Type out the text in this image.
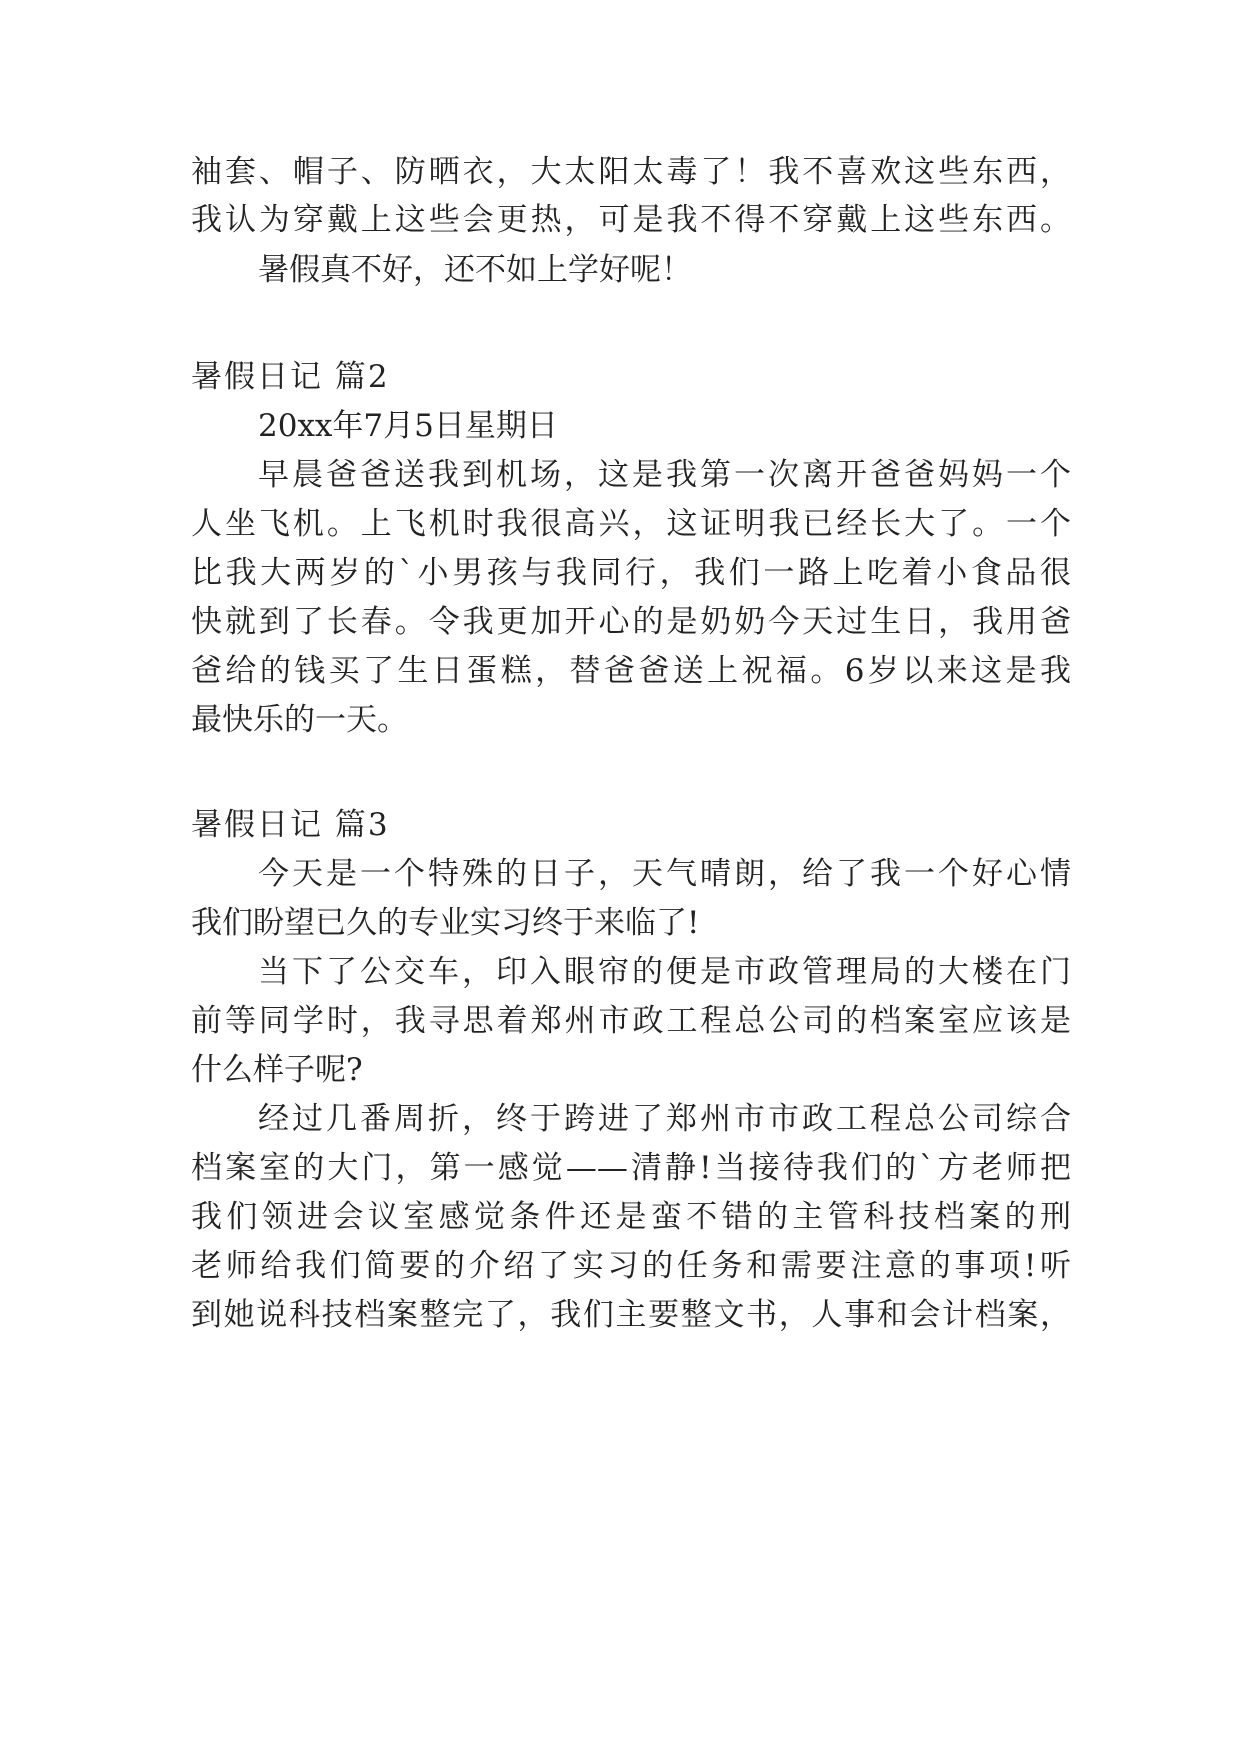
袖套、帽子、防晒衣，大太阳太毒了！我不喜欢这些东西，
我认为穿戴上这些会更热，可是我不得不穿戴上这些东西。
暑假真不好，还不如上学好呢！
暑假日记 篇2
20xx年7月5日星期日
早晨爸爸送我到机场，这是我第一次离开爸爸妈妈一个
人坐飞机。上飞机时我很高兴，这证明我已经长大了。一个
比我大两岁的`小男孩与我同行，我们一路上吃着小食品很
快就到了长春。令我更加开心的是奶奶今天过生日，我用爸
爸给的钱买了生日蛋糕，替爸爸送上祝福。6岁以来这是我
最快乐的一天。
暑假日记 篇3
今天是一个特殊的日子，天气晴朗，给了我一个好心情
我们盼望已久的专业实习终于来临了!
当下了公交车，印入眼帘的便是市政管理局的大楼在门
前等同学时，我寻思着郑州市政工程总公司的档案室应该是
什么样子呢?
经过几番周折，终于跨进了郑州市市政工程总公司综合
档案室的大门，第一感觉——清静!当接待我们的`方老师把
我们领进会议室感觉条件还是蛮不错的主管科技档案的刑
老师给我们简要的介绍了实习的任务和需要注意的事项!听
到她说科技档案整完了，我们主要整文书，人事和会计档案，
